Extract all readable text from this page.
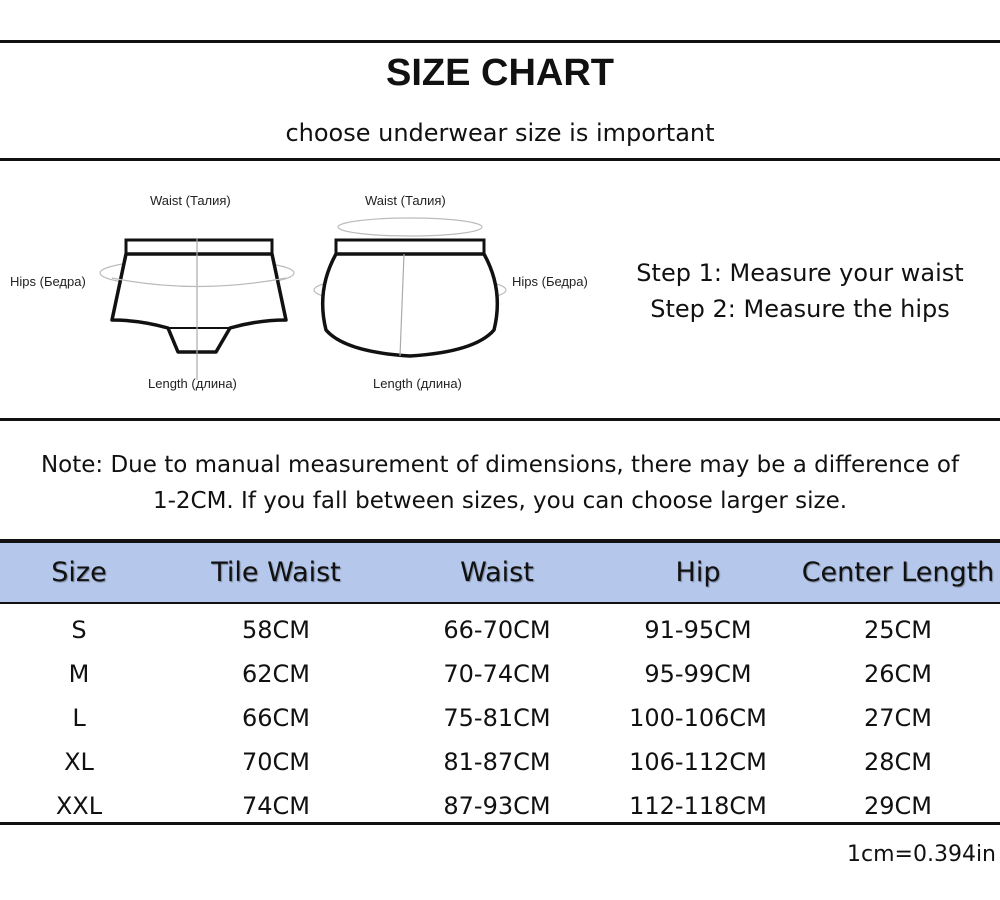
SIZE CHART
choose underwear size is important
Waist (Талия)
Hips (Бедра)
Length (длина)
Waist (Талия)
Hips (Бедра)
Length (длина)
Step 1: Measure your waist
Step 2: Measure the hips
Note: Due to manual measurement of dimensions, there may be a difference of
1-2CM. If you fall between sizes, you can choose larger size.
Size	Tile Waist	Waist	Hip	Center Length
S	58CM	66-70CM	91-95CM	25CM
M	62CM	70-74CM	95-99CM	26CM
L	66CM	75-81CM	100-106CM	27CM
XL	70CM	81-87CM	106-112CM	28CM
XXL	74CM	87-93CM	112-118CM	29CM
1cm=0.394in
